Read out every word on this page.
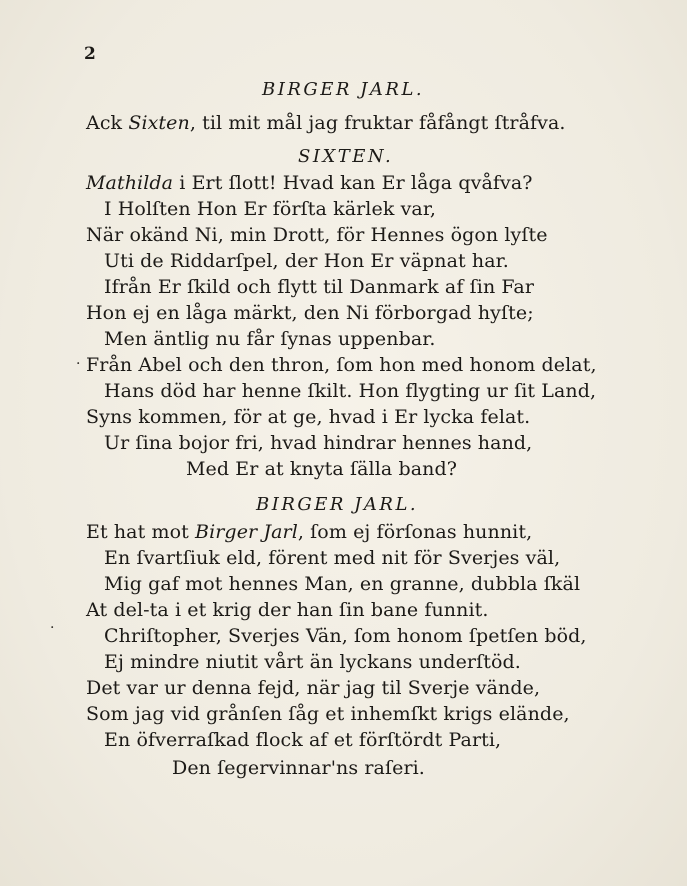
2
BIRGER JARL.
Ack Sixten, til mit mål jag fruktar fåfångt ſtråfva.
SIXTEN.
Mathilda i Ert ſlott! Hvad kan Er låga qvåfva?
I Holſten Hon Er förſta kärlek var,
När okänd Ni, min Drott, för Hennes ögon lyſte
Uti de Riddarſpel, der Hon Er väpnat har.
Ifrån Er ſkild och flytt til Danmark af ſin Far
Hon ej en låga märkt, den Ni förborgad hyſte;
Men äntlig nu får ſynas uppenbar.
Från Abel och den thron, ſom hon med honom delat,
Hans död har henne ſkilt. Hon flygting ur ſit Land,
Syns kommen, för at ge, hvad i Er lycka felat.
Ur ſina bojor fri, hvad hindrar hennes hand,
Med Er at knyta ſälla band?
BIRGER JARL.
Et hat mot Birger Jarl, ſom ej förſonas hunnit,
En ſvartſiuk eld, förent med nit för Sverjes väl,
Mig gaf mot hennes Man, en granne, dubbla ſkäl
At del-ta i et krig der han ſin bane funnit.
Chriſtopher, Sverjes Vän, ſom honom ſpetſen böd,
Ej mindre niutit vårt än lyckans underſtöd.
Det var ur denna fejd, när jag til Sverje vände,
Som jag vid grånſen ſåg et inhemſkt krigs elände,
En öfverraſkad flock af et förſtördt Parti,
Den ſegervinnar'ns raſeri.
·
·
